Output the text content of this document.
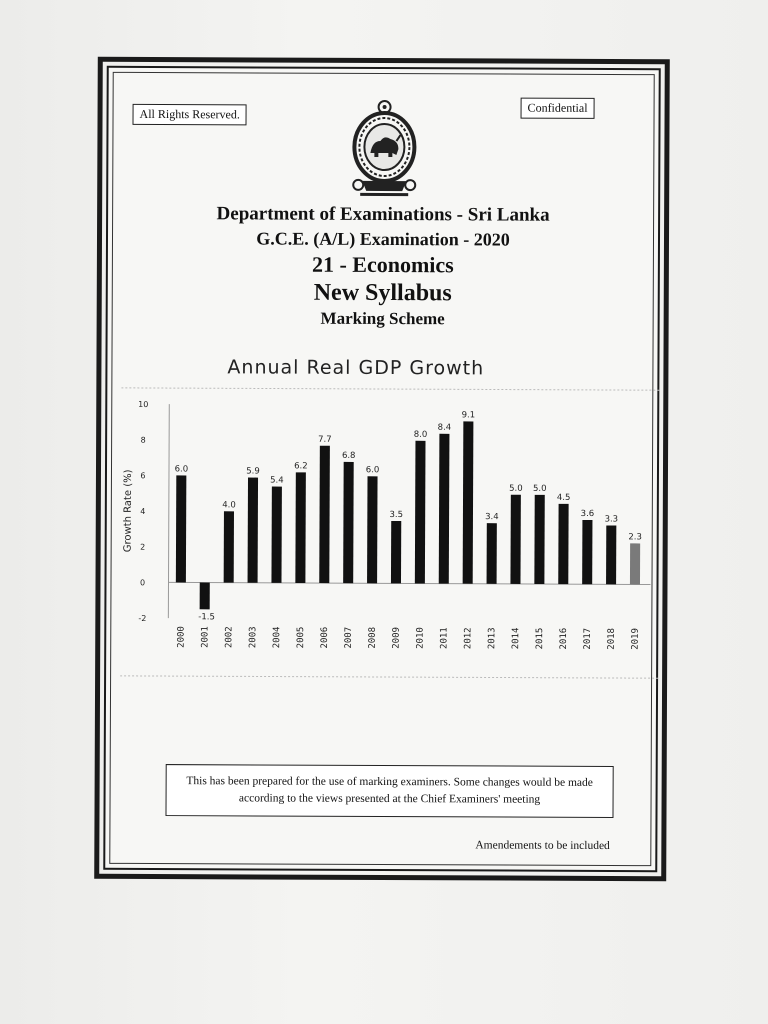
All Rights Reserved.	Confidential
Department of Examinations - Sri Lanka
G.C.E. (A/L) Examination - 2020
21 - Economics
New Syllabus
Marking Scheme
Annual Real GDP Growth
-2
0
2
4
6
8
10
Growth Rate (%)
6.0
2000
-1.5
2001
4.0
2002
5.9
2003
5.4
2004
6.2
2005
7.7
2006
6.8
2007
6.0
2008
3.5
2009
8.0
2010
8.4
2011
9.1
2012
3.4
2013
5.0
2014
5.0
2015
4.5
2016
3.6
2017
3.3
2018
2.3
2019
This has been prepared for the use of marking examiners. Some changes would be made according to the views presented at the Chief Examiners' meeting
Amendements to be included
